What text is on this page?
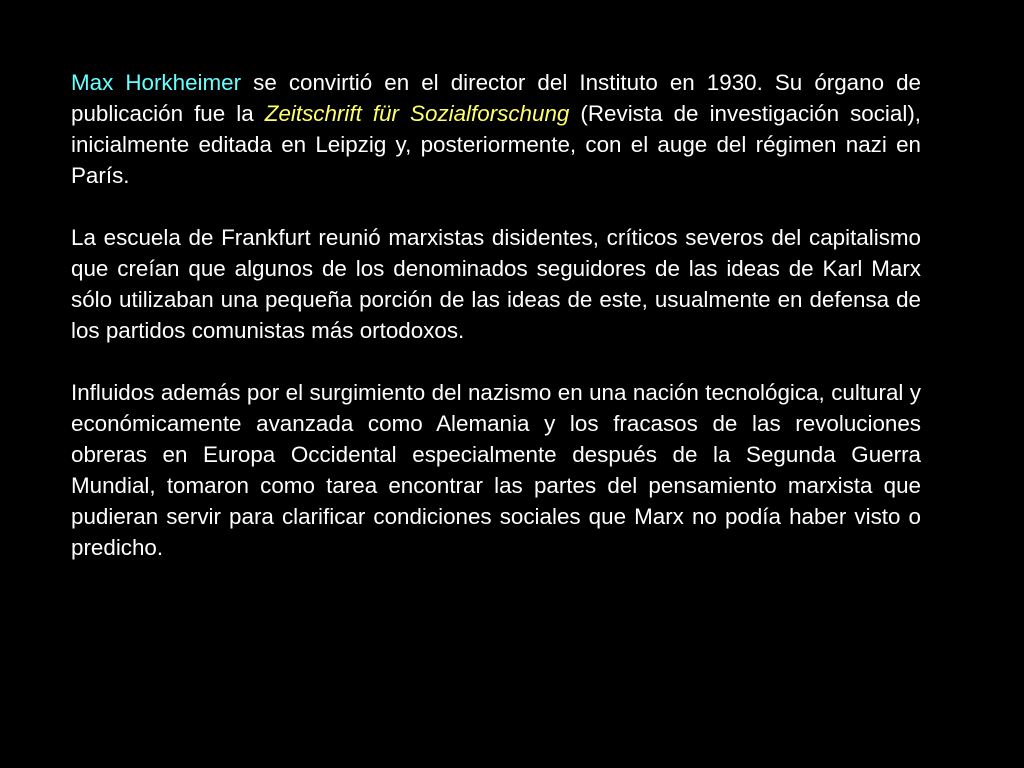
Max Horkheimer se convirtió en el director del Instituto en 1930. Su órgano de publicación fue la Zeitschrift für Sozialforschung (Revista de investigación social), inicialmente editada en Leipzig y, posteriormente, con el auge del régimen nazi en París.

La escuela de Frankfurt reunió marxistas disidentes, críticos severos del capitalismo que creían que algunos de los denominados seguidores de las ideas de Karl Marx sólo utilizaban una pequeña porción de las ideas de este, usualmente en defensa de los partidos comunistas más ortodoxos.

Influidos además por el surgimiento del nazismo en una nación tecnológica, cultural y económicamente avanzada como Alemania y los fracasos de las revoluciones obreras en Europa Occidental especialmente después de la Segunda Guerra Mundial, tomaron como tarea encontrar las partes del pensamiento marxista que pudieran servir para clarificar condiciones sociales que Marx no podía haber visto o predicho.
